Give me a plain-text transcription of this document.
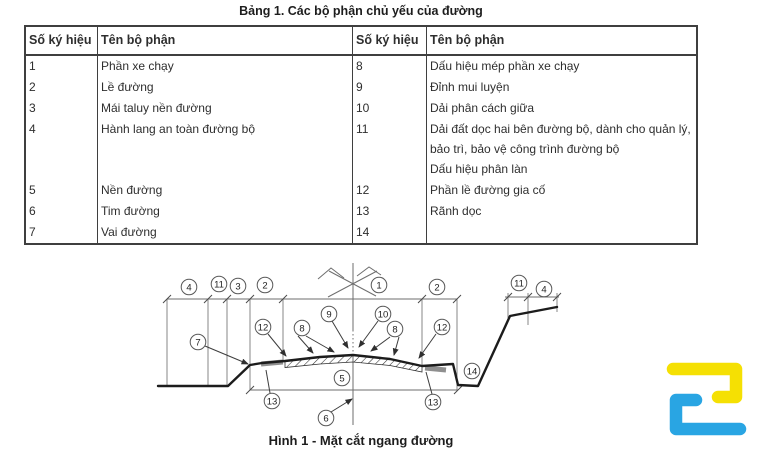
Bảng 1. Các bộ phận chủ yếu của đường
Số ký hiệu Tên bộ phận	Số ký hiệu Tên bộ phận
1	Phần xe chạy	8	Dấu hiệu mép phần xe chạy
2	Lề đường	9	Đỉnh mui luyện
3	Mái taluy nền đường	10	Dải phân cách giữa
4	Hành lang an toàn đường bộ	11	Dải đất dọc hai bên đường bộ, dành cho quản lý, bảo trì, bảo vệ công trình đường bộ
Dấu hiệu phân làn
5	Nền đường	12	Phần lề đường gia cố
6	Tim đường	13	Rãnh dọc
7	Vai đường	14
4 11 3 2	1	2	11
4
7
12	8
9	10
8	12
5
13	13
14
6
Hình 1 - Mặt cắt ngang đường
